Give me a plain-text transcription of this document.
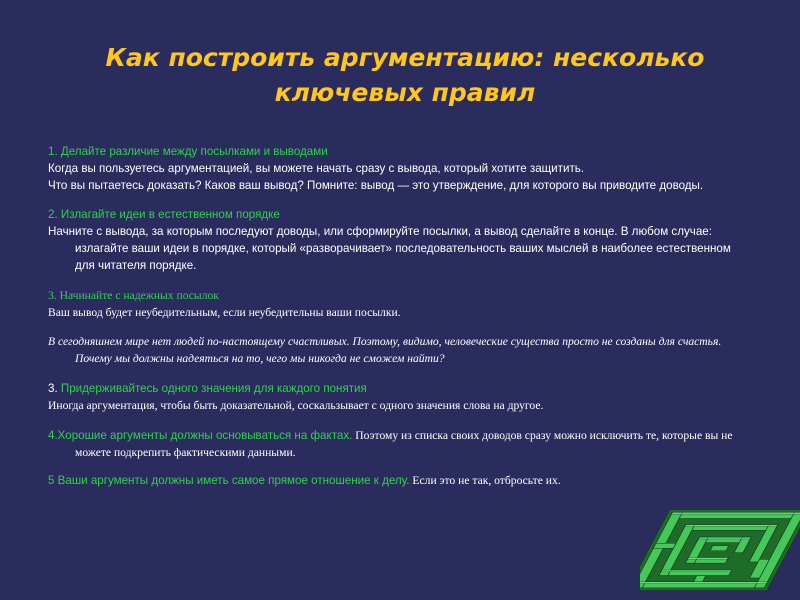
Как построить аргументацию: несколько ключевых правил

1. Делайте различие между посылками и выводами

Когда вы пользуетесь аргументацией, вы можете начать сразу с вывода, который хотите защитить.

Что вы пытаетесь доказать? Каков ваш вывод? Помните: вывод — это утверждение, для которого вы приводите доводы.

2. Излагайте идеи в естественном порядке

Начните с вывода, за которым последуют доводы, или сформируйте посылки, а вывод сделайте в конце. В любом случае: излагайте ваши идеи в порядке, который «разворачивает» последовательность ваших мыслей в наиболее естественном для читателя порядке.

3. Начинайте с надежных посылок

Ваш вывод будет неубедительным, если неубедительны ваши посылки.

В сегодняшнем мире нет людей по-настоящему счастливых. Поэтому, видимо, человеческие существа просто не созданы для счастья. Почему мы должны надеяться на то, чего мы никогда не сможем найти?

3. Придерживайтесь одного значения для каждого понятия

Иногда аргументация, чтобы быть доказательной, соскальзывает с одного значения слова на другое.

4.Хорошие аргументы должны основываться на фактах. Поэтому из списка своих доводов сразу можно исключить те, которые вы не можете подкрепить фактическими данными.

5 Ваши аргументы должны иметь самое прямое отношение к делу. Если это не так, отбросьте их.
